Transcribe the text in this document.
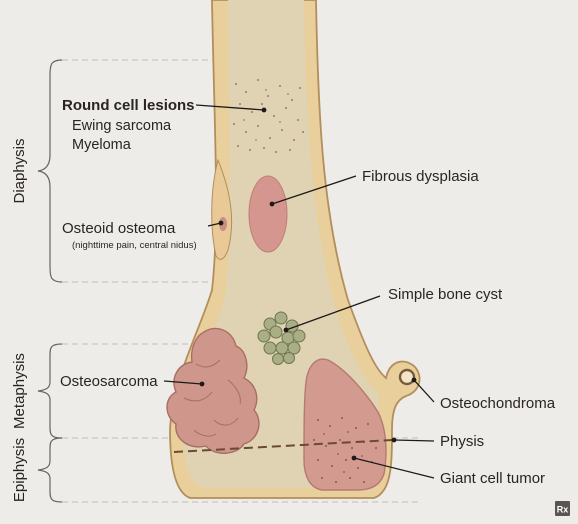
Diaphysis
Metaphysis
Epiphysis
Round cell lesions
Ewing sarcoma
Myeloma
Osteoid osteoma
(nighttime pain, central nidus)
Fibrous dysplasia
Simple bone cyst
Osteosarcoma
Osteochondroma
Physis
Giant cell tumor
Rx
